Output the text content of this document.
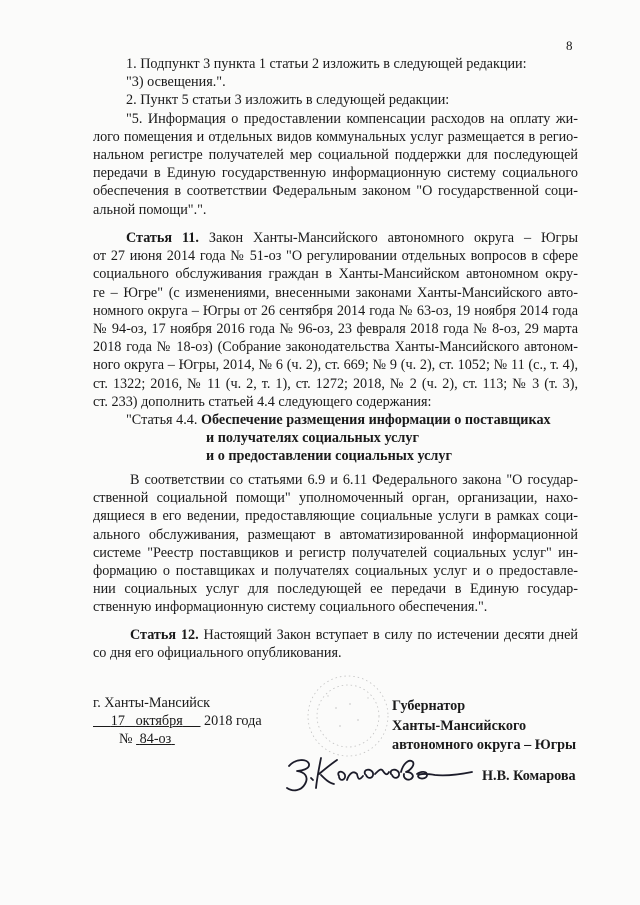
8
1. Подпункт 3 пункта 1 статьи 2 изложить в следующей редакции:
"3) освещения.".
2. Пункт 5 статьи 3 изложить в следующей редакции:
"5. Информация о предоставлении компенсации расходов на оплату жи-
лого помещения и отдельных видов коммунальных услуг размещается в регио-
нальном регистре получателей мер социальной поддержки для последующей
передачи в Единую государственную информационную систему социального
обеспечения в соответствии Федеральным законом "О государственной соци-
альной помощи".".
Статья 11. Закон Ханты-Мансийского автономного округа – Югры
от 27 июня 2014 года № 51-оз "О регулировании отдельных вопросов в сфере
социального обслуживания граждан в Ханты-Мансийском автономном окру-
ге – Югре" (с изменениями, внесенными законами Ханты-Мансийского авто-
номного округа – Югры от 26 сентября 2014 года № 63-оз, 19 ноября 2014 года
№ 94-оз, 17 ноября 2016 года № 96-оз, 23 февраля 2018 года № 8-оз, 29 марта
2018 года № 18-оз) (Собрание законодательства Ханты-Мансийского автоном-
ного округа – Югры, 2014, № 6 (ч. 2), ст. 669; № 9 (ч. 2), ст. 1052; № 11 (с., т. 4),
ст. 1322; 2016, № 11 (ч. 2, т. 1), ст. 1272; 2018, № 2 (ч. 2), ст. 113; № 3 (т. 3),
ст. 233) дополнить статьей 4.4 следующего содержания:
"Статья 4.4. Обеспечение размещения информации о поставщиках
и получателях социальных услуг
и о предоставлении социальных услуг
В соответствии со статьями 6.9 и 6.11 Федерального закона "О государ-
ственной социальной помощи" уполномоченный орган, организации, нахо-
дящиеся в его ведении, предоставляющие социальные услуги в рамках соци-
ального обслуживания, размещают в автоматизированной информационной
системе "Реестр поставщиков и регистр получателей социальных услуг" ин-
формацию о поставщиках и получателях социальных услуг и о предоставле-
нии социальных услуг для последующей ее передачи в Единую государ-
ственную информационную систему социального обеспечения.".
Статья 12. Настоящий Закон вступает в силу по истечении десяти дней
со дня его официального опубликования.
г. Ханты-Мансийск
17 октября 2018 года
№ 84-оз
Губернатор
Ханты-Мансийского
автономного округа – Югры
Н.В. Комарова
